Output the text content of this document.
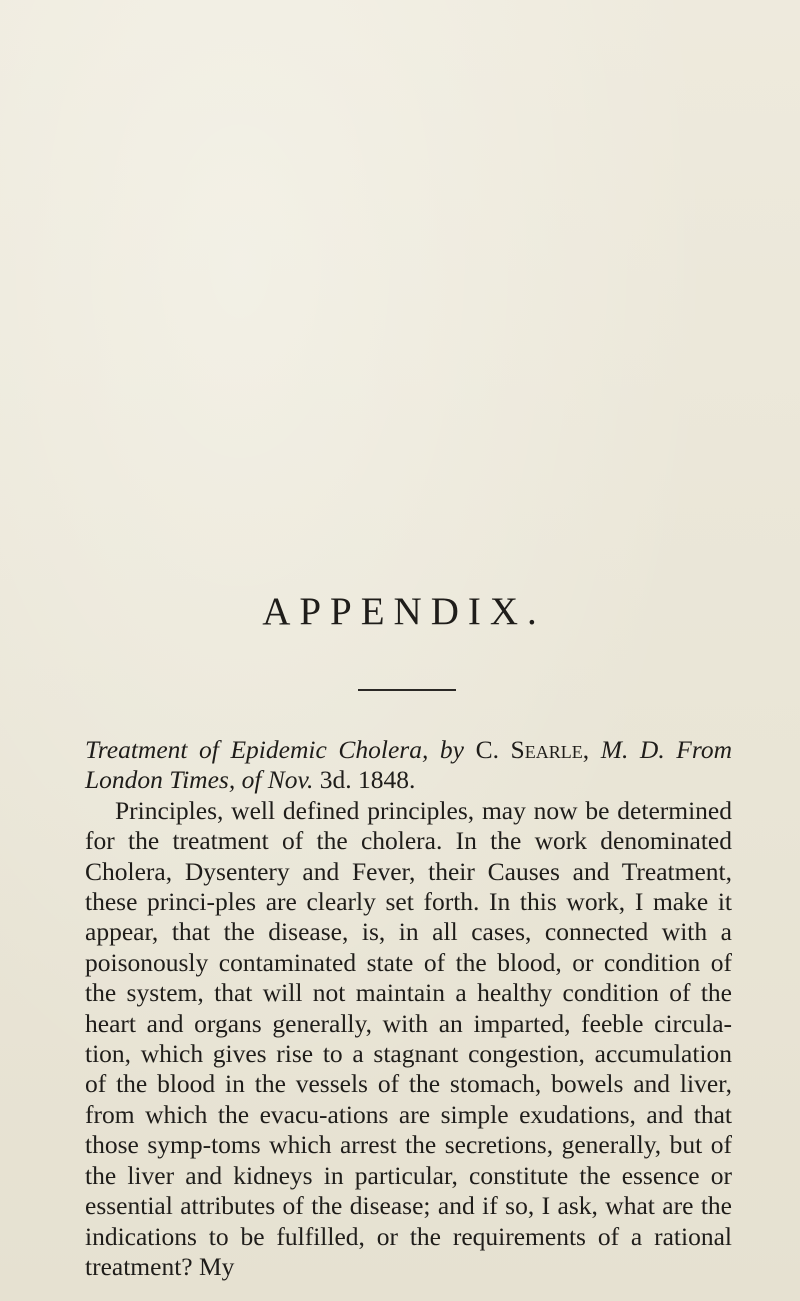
APPENDIX.

Treatment of Epidemic Cholera, by C. Searle, M. D. From London Times, of Nov. 3d. 1848.

Principles, well defined principles, may now be determined for the treatment of the cholera. In the work denominated Cholera, Dysentery and Fever, their Causes and Treatment, these princi-ples are clearly set forth. In this work, I make it appear, that the disease, is, in all cases, connected with a poisonously contaminated state of the blood, or condition of the system, that will not maintain a healthy condition of the heart and organs generally, with an imparted, feeble circula-tion, which gives rise to a stagnant congestion, accumulation of the blood in the vessels of the stomach, bowels and liver, from which the evacu-ations are simple exudations, and that those symp-toms which arrest the secretions, generally, but of the liver and kidneys in particular, constitute the essence or essential attributes of the disease; and if so, I ask, what are the indications to be fulfilled, or the requirements of a rational treatment? My
